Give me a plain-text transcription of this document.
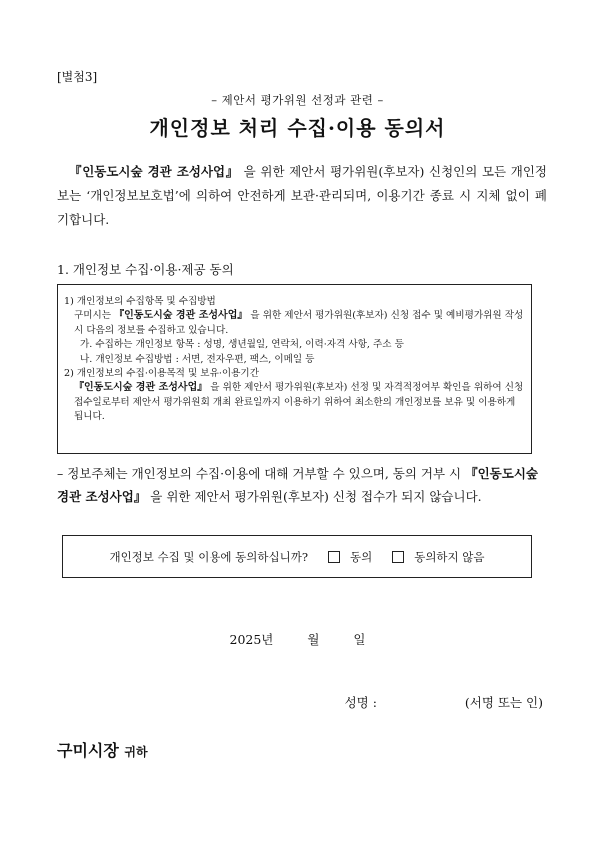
[별첨3]
– 제안서 평가위원 선정과 관련 –
개인정보 처리 수집·이용 동의서
『인동도시숲 경관 조성사업』 을 위한 제안서 평가위원(후보자) 신청인의 모든 개인정보는 ‘개인정보보호법’에 의하여 안전하게 보관·관리되며, 이용기간 종료 시 지체 없이 폐기합니다.
1. 개인정보 수집·이용·제공 동의

1) 개인정보의 수집항목 및 수집방법

구미시는 『인동도시숲 경관 조성사업』 을 위한 제안서 평가위원(후보자) 신청 접수 및 예비평가위원 작성 시 다음의 정보를 수집하고 있습니다.

가. 수집하는 개인정보 항목 : 성명, 생년월일, 연락처, 이력·자격 사항, 주소 등

나. 개인정보 수집방법 : 서면, 전자우편, 팩스, 이메일 등

2) 개인정보의 수집·이용목적 및 보유·이용기간

『인동도시숲 경관 조성사업』 을 위한 제안서 평가위원(후보자) 선정 및 자격적정여부 확인을 위하여 신청 접수일로부터 제안서 평가위원회 개최 완료일까지 이용하기 위하여 최소한의 개인정보를 보유 및 이용하게 됩니다.

– 정보주체는 개인정보의 수집·이용에 대해 거부할 수 있으며, 동의 거부 시 『인동도시숲 경관 조성사업』 을 위한 제안서 평가위원(후보자) 신청 접수가 되지 않습니다.
개인정보 수집 및 이용에 동의하십니까?	동의	동의하지 않음
2025년	월	일
성명 :	(서명 또는 인)
구미시장 귀하
